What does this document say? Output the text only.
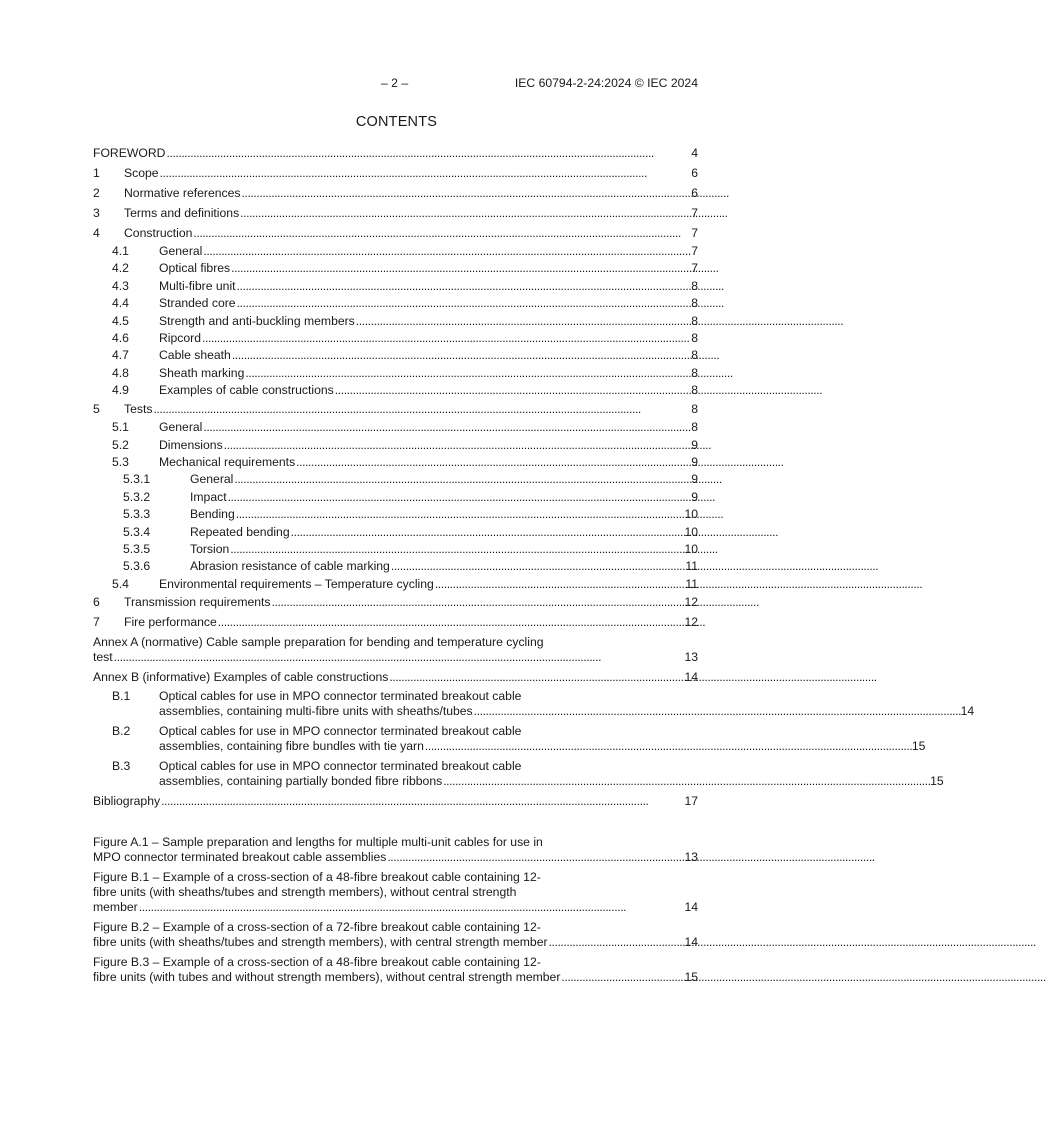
– 2 –	IEC 60794-2-24:2024 © IEC 2024
CONTENTS
FOREWORD . . .	4
1	Scope . . .	6
2	Normative references . . .	6
3	Terms and definitions . . .	7
4	Construction . . .	7
4.1	General . . .	7
4.2	Optical fibres . . .	7
4.3	Multi-fibre unit . . .	8
4.4	Stranded core . . .	8
4.5	Strength and anti-buckling members . . .	8
4.6	Ripcord . . .	8
4.7	Cable sheath . . .	8
4.8	Sheath marking . . .	8
4.9	Examples of cable constructions . . .	8
5	Tests . . .	8
5.1	General . . .	8
5.2	Dimensions . . .	9
5.3	Mechanical requirements . . .	9
5.3.1	General . . .	9
5.3.2	Impact . . .	9
5.3.3	Bending . . .	10
5.3.4	Repeated bending . . .	10
5.3.5	Torsion . . .	10
5.3.6	Abrasion resistance of cable marking . . .	11
5.4	Environmental requirements – Temperature cycling . . .	11
6	Transmission requirements . . .	12
7	Fire performance . . .	12
Annex A (normative) Cable sample preparation for bending and temperature cycling
test . . .	13
Annex B (informative) Examples of cable constructions . . .	14
B.1	Optical cables for use in MPO connector terminated breakout cable
assemblies, containing multi-fibre units with sheaths/tubes . . .	14
B.2	Optical cables for use in MPO connector terminated breakout cable
assemblies, containing fibre bundles with tie yarn . . .	15
B.3	Optical cables for use in MPO connector terminated breakout cable
assemblies, containing partially bonded fibre ribbons . . .	15
Bibliography . . .	17
Figure A.1 – Sample preparation and lengths for multiple multi-unit cables for use in
MPO connector terminated breakout cable assemblies . . .	13
Figure B.1 – Example of a cross-section of a 48-fibre breakout cable containing 12-
fibre units (with sheaths/tubes and strength members), without central strength
member . . .	14
Figure B.2 – Example of a cross-section of a 72-fibre breakout cable containing 12-
fibre units (with sheaths/tubes and strength members), with central strength member . . .	14
Figure B.3 – Example of a cross-section of a 48-fibre breakout cable containing 12-
fibre units (with tubes and without strength members), without central strength member . . .	15
